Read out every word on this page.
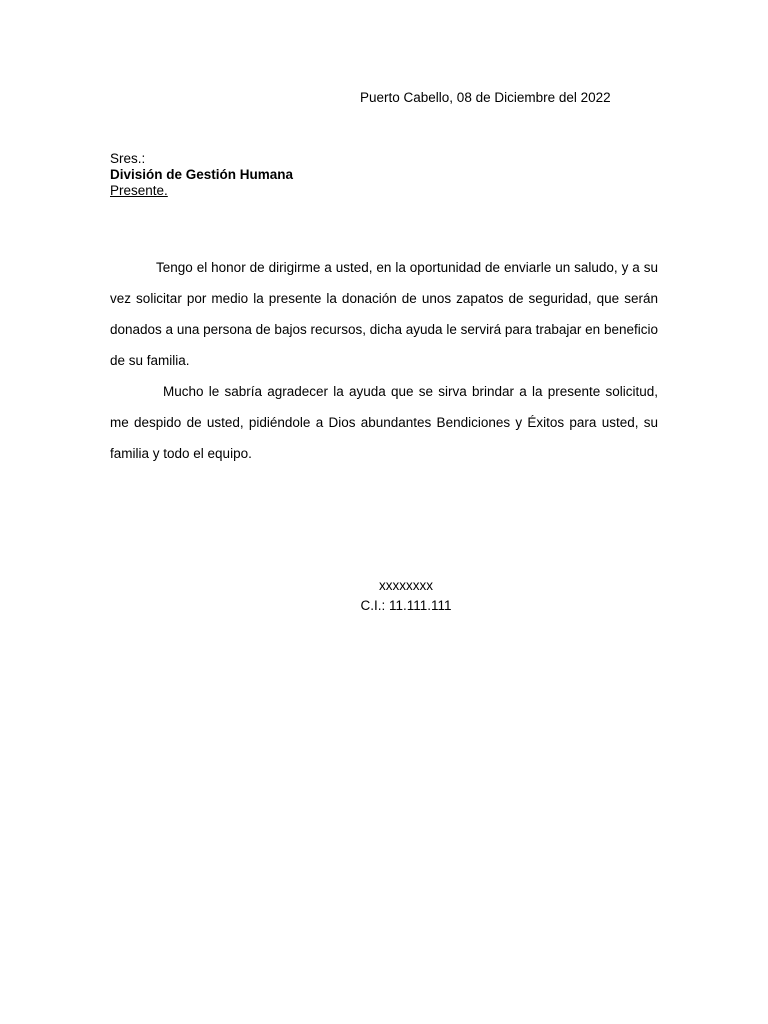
Puerto Cabello, 08 de Diciembre del 2022
Sres.:
División de Gestión Humana
Presente.

Tengo el honor de dirigirme a usted, en la oportunidad de enviarle un saludo, y a su vez solicitar por medio la presente la donación de unos zapatos de seguridad, que serán donados a una persona de bajos recursos, dicha ayuda le servirá para trabajar en beneficio de su familia.

Mucho le sabría agradecer la ayuda que se sirva brindar a la presente solicitud, me despido de usted, pidiéndole a Dios abundantes Bendiciones y Éxitos para usted, su familia y todo el equipo.

xxxxxxxx
C.I.: 11.111.111
